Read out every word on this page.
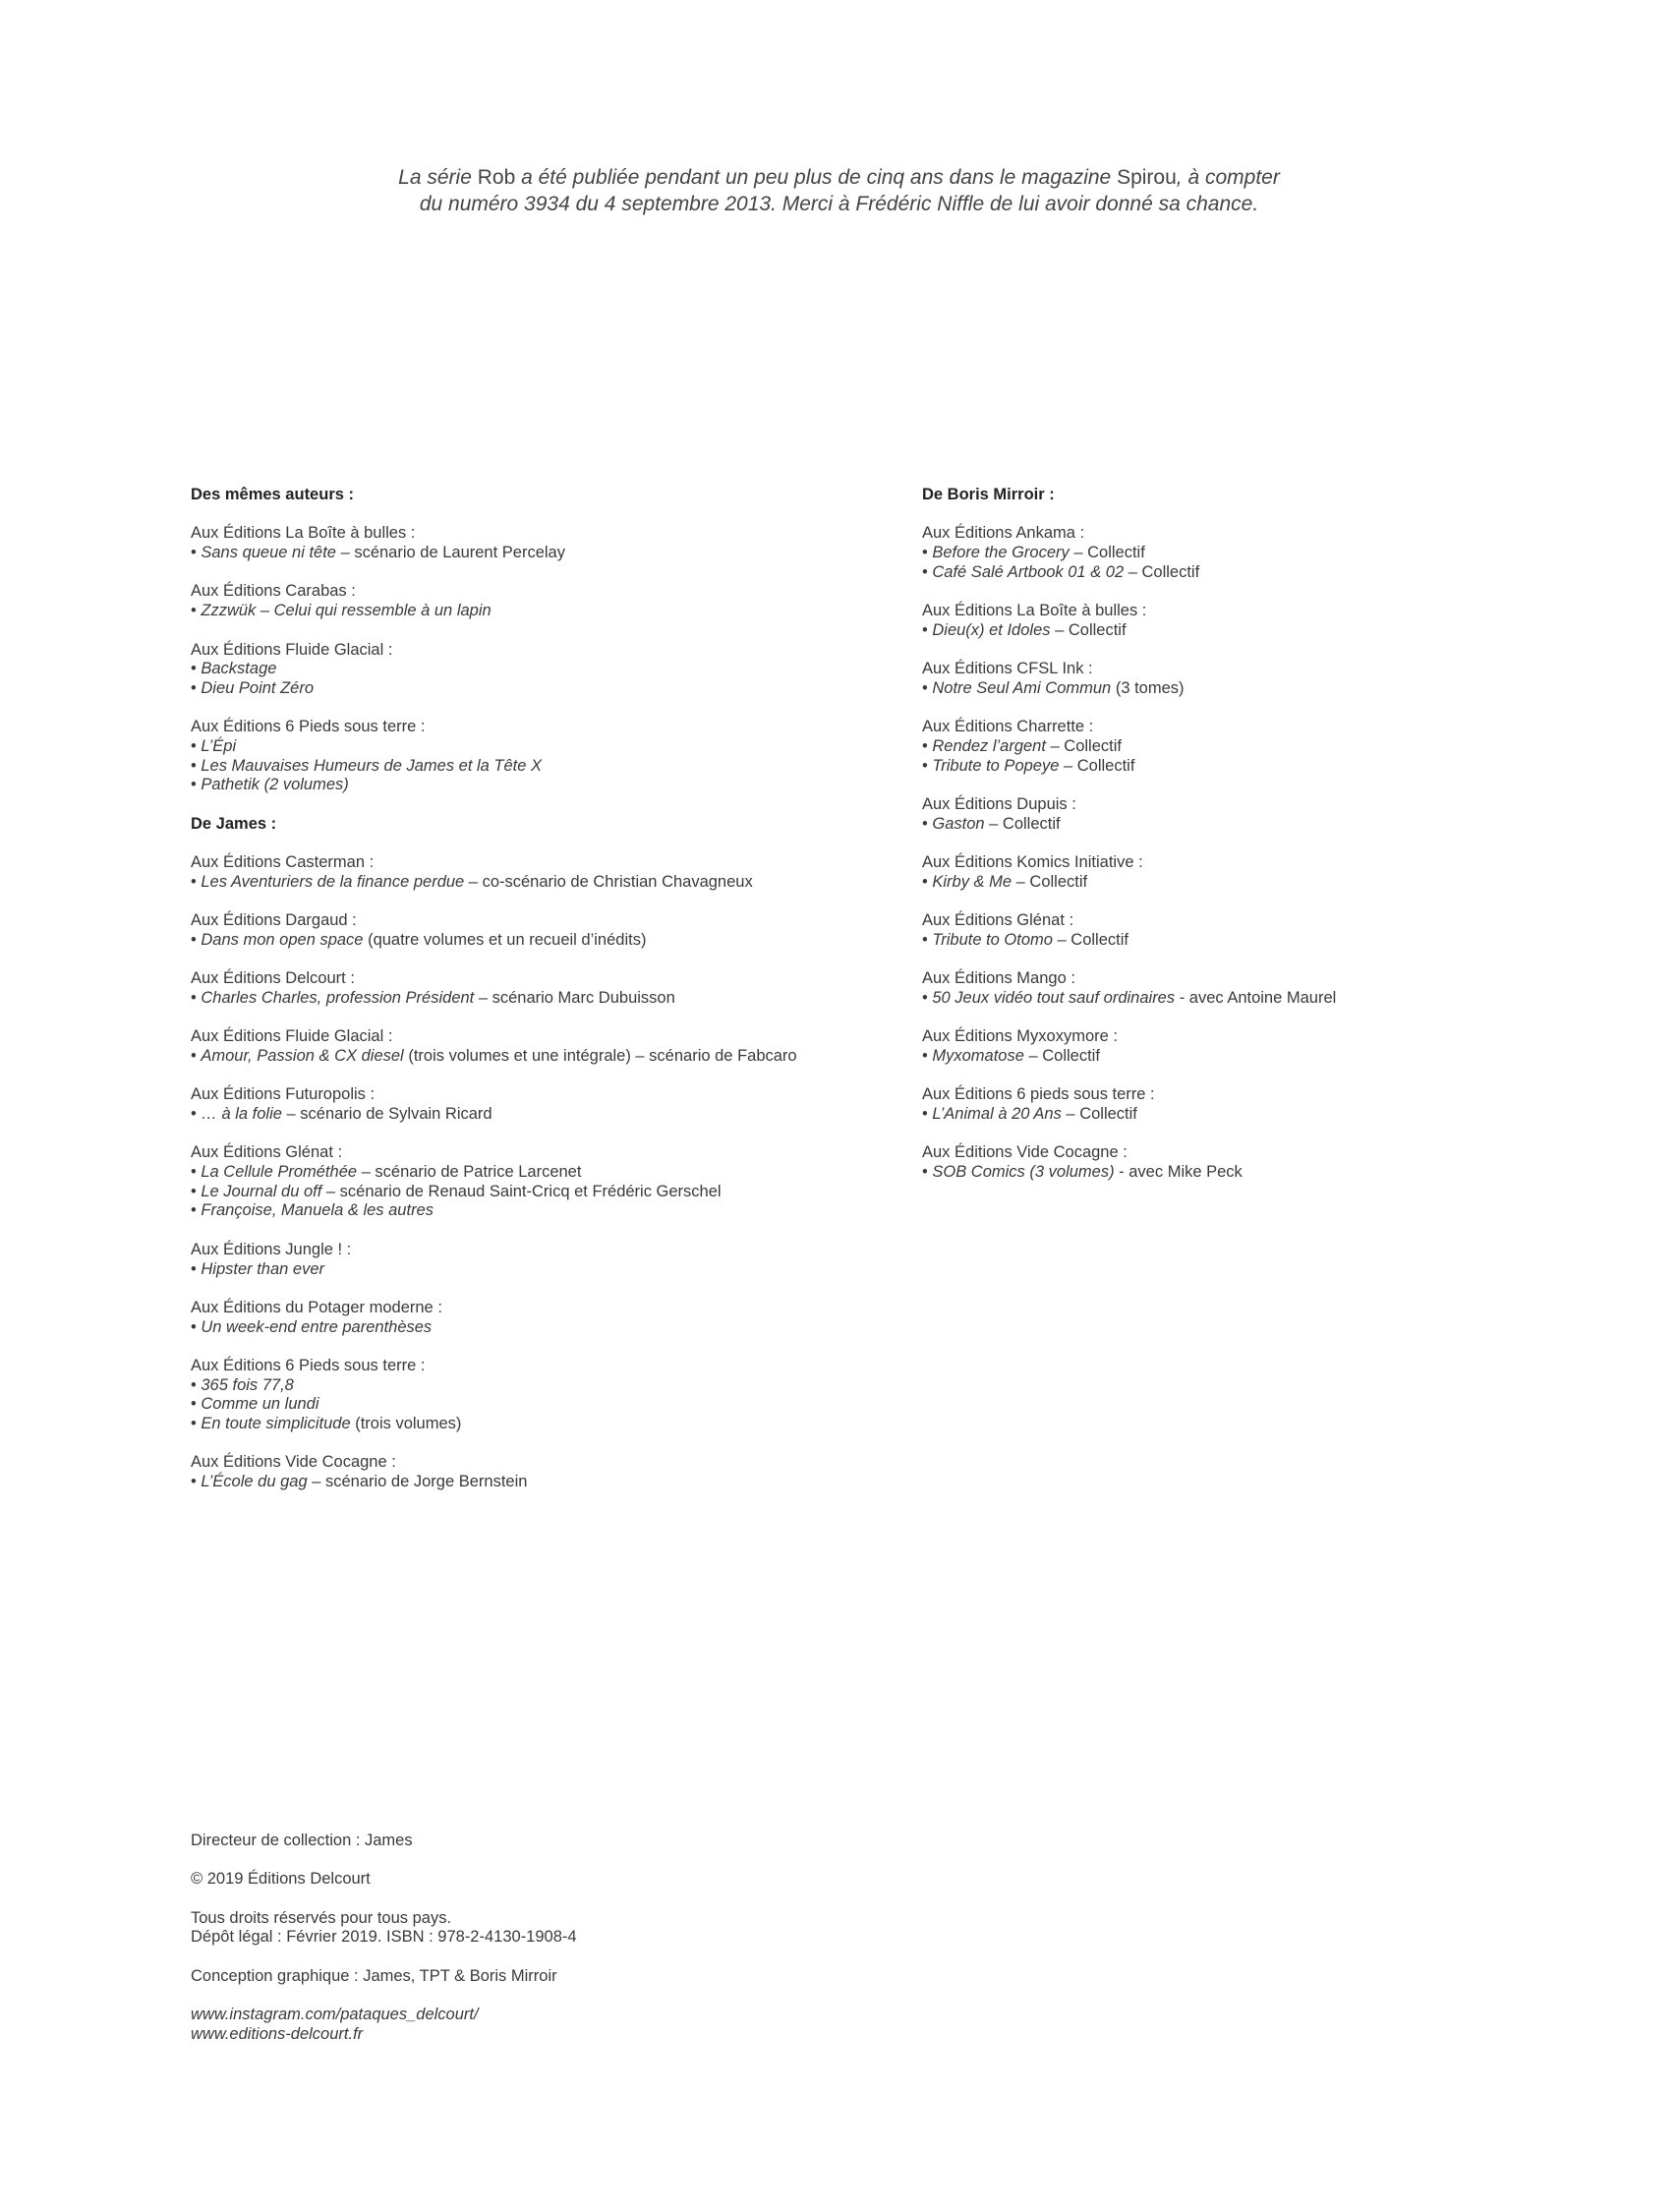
La série Rob a été publiée pendant un peu plus de cinq ans dans le magazine Spirou, à compter
du numéro 3934 du 4 septembre 2013. Merci à Frédéric Niffle de lui avoir donné sa chance.
Des mêmes auteurs :
Aux Éditions La Boîte à bulles :
• Sans queue ni tête – scénario de Laurent Percelay
Aux Éditions Carabas :
• Zzzwük – Celui qui ressemble à un lapin
Aux Éditions Fluide Glacial :
• Backstage
• Dieu Point Zéro
Aux Éditions 6 Pieds sous terre :
• L’Épi
• Les Mauvaises Humeurs de James et la Tête X
• Pathetik (2 volumes)
De James :
Aux Éditions Casterman :
• Les Aventuriers de la finance perdue – co-scénario de Christian Chavagneux
Aux Éditions Dargaud :
• Dans mon open space (quatre volumes et un recueil d’inédits)
Aux Éditions Delcourt :
• Charles Charles, profession Président – scénario Marc Dubuisson
Aux Éditions Fluide Glacial :
• Amour, Passion & CX diesel (trois volumes et une intégrale) – scénario de Fabcaro
Aux Éditions Futuropolis :
• … à la folie – scénario de Sylvain Ricard
Aux Éditions Glénat :
• La Cellule Prométhée – scénario de Patrice Larcenet
• Le Journal du off – scénario de Renaud Saint-Cricq et Frédéric Gerschel
• Françoise, Manuela & les autres
Aux Éditions Jungle ! :
• Hipster than ever
Aux Éditions du Potager moderne :
• Un week-end entre parenthèses
Aux Éditions 6 Pieds sous terre :
• 365 fois 77,8
• Comme un lundi
• En toute simplicitude (trois volumes)
Aux Éditions Vide Cocagne :
• L’École du gag – scénario de Jorge Bernstein
De Boris Mirroir :
Aux Éditions Ankama :
• Before the Grocery – Collectif
• Café Salé Artbook 01 & 02 – Collectif
Aux Éditions La Boîte à bulles :
• Dieu(x) et Idoles – Collectif
Aux Éditions CFSL Ink :
• Notre Seul Ami Commun (3 tomes)
Aux Éditions Charrette :
• Rendez l’argent – Collectif
• Tribute to Popeye – Collectif
Aux Éditions Dupuis :
• Gaston – Collectif
Aux Éditions Komics Initiative :
• Kirby & Me – Collectif
Aux Éditions Glénat :
• Tribute to Otomo – Collectif
Aux Éditions Mango :
• 50 Jeux vidéo tout sauf ordinaires - avec Antoine Maurel
Aux Éditions Myxoxymore :
• Myxomatose – Collectif
Aux Éditions 6 pieds sous terre :
• L’Animal à 20 Ans – Collectif
Aux Éditions Vide Cocagne :
• SOB Comics (3 volumes) - avec Mike Peck
Directeur de collection : James
© 2019 Éditions Delcourt
Tous droits réservés pour tous pays.
Dépôt légal : Février 2019. ISBN : 978-2-4130-1908-4
Conception graphique : James, TPT & Boris Mirroir
www.instagram.com/pataques_delcourt/
www.editions-delcourt.fr
